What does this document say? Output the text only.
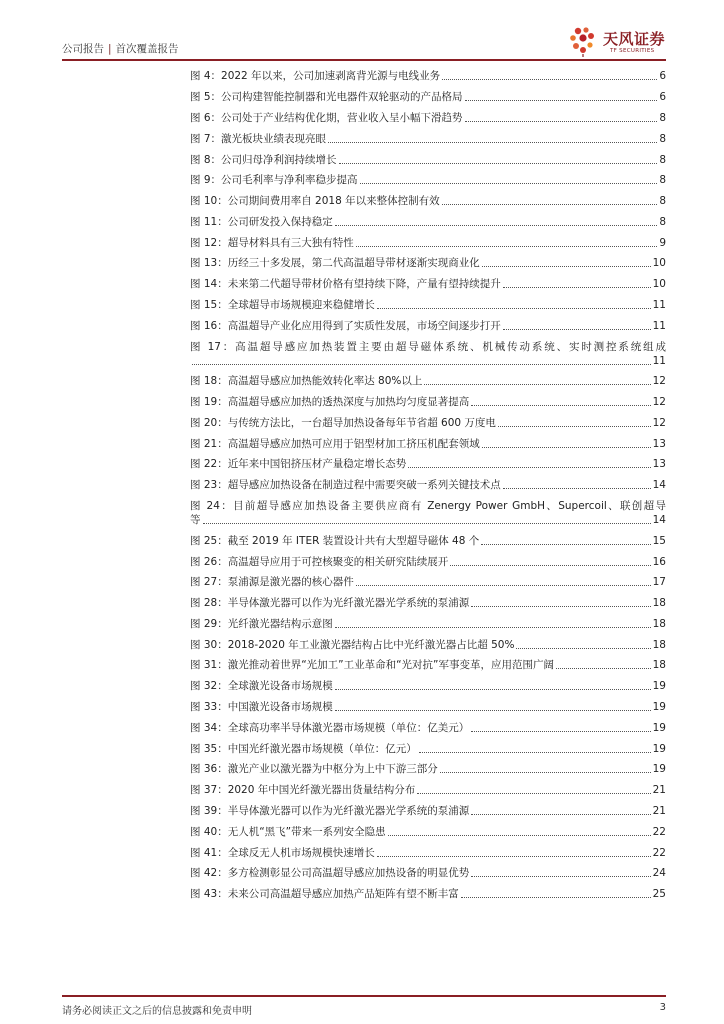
公司报告 | 首次覆盖报告
天风证券
TF SECURITIES
图 4：2022 年以来，公司加速剥离背光源与电线业务	6
图 5：公司构建智能控制器和光电器件双轮驱动的产品格局	6
图 6：公司处于产业结构优化期，营业收入呈小幅下滑趋势	8
图 7：激光板块业绩表现亮眼	8
图 8：公司归母净利润持续增长	8
图 9：公司毛利率与净利率稳步提高	8
图 10：公司期间费用率自 2018 年以来整体控制有效	8
图 11：公司研发投入保持稳定	8
图 12：超导材料具有三大独有特性	9
图 13：历经三十多发展，第二代高温超导带材逐渐实现商业化	10
图 14：未来第二代超导带材价格有望持续下降，产量有望持续提升	10
图 15：全球超导市场规模迎来稳健增长	11
图 16：高温超导产业化应用得到了实质性发展，市场空间逐步打开	11
图 17：高温超导感应加热装置主要由超导磁体系统、机械传动系统、实时测控系统组成
11
图 18：高温超导感应加热能效转化率达 80%以上	12
图 19：高温超导感应加热的透热深度与加热均匀度显著提高	12
图 20：与传统方法比，一台超导加热设备每年节省超 600 万度电	12
图 21：高温超导感应加热可应用于铝型材加工挤压机配套领域	13
图 22：近年来中国铝挤压材产量稳定增长态势	13
图 23：超导感应加热设备在制造过程中需要突破一系列关键技术点	14
图 24：目前超导感应加热设备主要供应商有 Zenergy Power GmbH、Supercoil、联创超导
等	14
图 25：截至 2019 年 ITER 装置设计共有大型超导磁体 48 个	15
图 26：高温超导应用于可控核聚变的相关研究陆续展开	16
图 27：泵浦源是激光器的核心器件	17
图 28：半导体激光器可以作为光纤激光器光学系统的泵浦源	18
图 29：光纤激光器结构示意图	18
图 30：2018-2020 年工业激光器结构占比中光纤激光器占比超 50%	18
图 31：激光推动着世界“光加工”工业革命和“光对抗”军事变革，应用范围广阔	18
图 32：全球激光设备市场规模	19
图 33：中国激光设备市场规模	19
图 34：全球高功率半导体激光器市场规模（单位：亿美元）	19
图 35：中国光纤激光器市场规模（单位：亿元）	19
图 36：激光产业以激光器为中枢分为上中下游三部分	19
图 37：2020 年中国光纤激光器出货量结构分布	21
图 39：半导体激光器可以作为光纤激光器光学系统的泵浦源	21
图 40：无人机“黑飞”带来一系列安全隐患	22
图 41：全球反无人机市场规模快速增长	22
图 42：多方检测彰显公司高温超导感应加热设备的明显优势	24
图 43：未来公司高温超导感应加热产品矩阵有望不断丰富	25
请务必阅读正文之后的信息披露和免责申明	3
